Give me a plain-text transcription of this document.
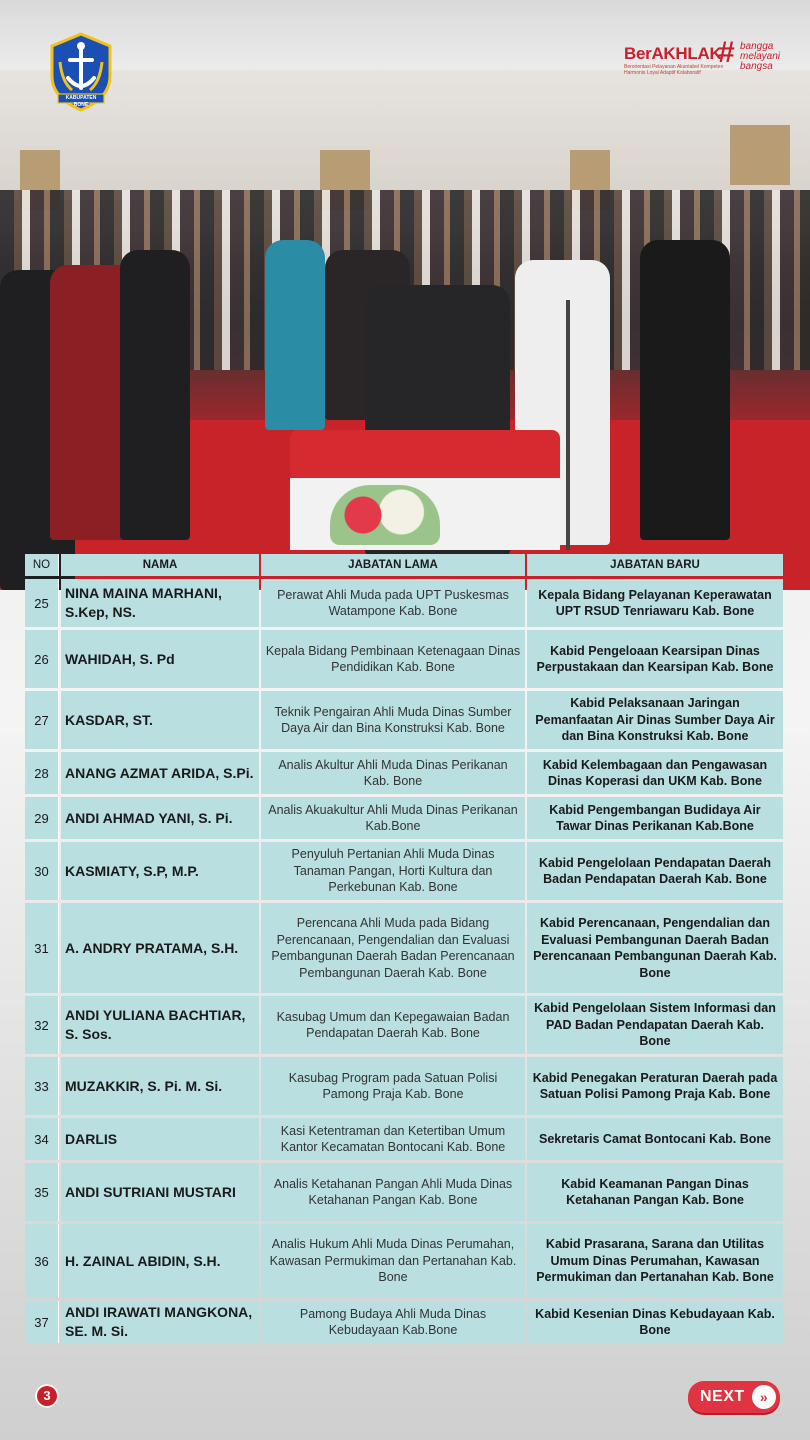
KABUPATEN BONE
BerAKHLAK
Berorientasi Pelayanan Akuntabel Kompeten Harmonis Loyal Adaptif Kolaboratif
# bangga
melayani
bangsa
NO	NAMA	JABATAN LAMA	JABATAN BARU
25	NINA MAINA MARHANI, S.Kep, NS.	Perawat Ahli Muda pada UPT Puskesmas Watampone Kab. Bone	Kepala Bidang Pelayanan Keperawatan UPT RSUD Tenriawaru Kab. Bone
26	WAHIDAH, S. Pd	Kepala Bidang Pembinaan Ketenagaan Dinas Pendidikan Kab. Bone	Kabid Pengeloaan Kearsipan Dinas Perpustakaan dan Kearsipan Kab. Bone
27	KASDAR, ST.	Teknik Pengairan Ahli Muda Dinas Sumber Daya Air dan Bina Konstruksi Kab. Bone	Kabid Pelaksanaan Jaringan Pemanfaatan Air Dinas Sumber Daya Air dan Bina Konstruksi Kab. Bone
28	ANANG AZMAT ARIDA, S.Pi.	Analis Akultur Ahli Muda Dinas Perikanan Kab. Bone	Kabid Kelembagaan dan Pengawasan Dinas Koperasi dan UKM Kab. Bone
29	ANDI AHMAD YANI, S. Pi.	Analis Akuakultur Ahli Muda Dinas Perikanan Kab.Bone	Kabid Pengembangan Budidaya Air Tawar Dinas Perikanan Kab.Bone
30	KASMIATY, S.P, M.P.	Penyuluh Pertanian Ahli Muda Dinas Tanaman Pangan, Horti Kultura dan Perkebunan Kab. Bone	Kabid Pengelolaan Pendapatan Daerah Badan Pendapatan Daerah Kab. Bone
31	A. ANDRY PRATAMA, S.H.	Perencana Ahli Muda pada Bidang Perencanaan, Pengendalian dan Evaluasi Pembangunan Daerah Badan Perencanaan Pembangunan Daerah Kab. Bone	Kabid Perencanaan, Pengendalian dan Evaluasi Pembangunan Daerah Badan Perencanaan Pembangunan Daerah Kab. Bone
32	ANDI YULIANA BACHTIAR, S. Sos.	Kasubag Umum dan Kepegawaian Badan Pendapatan Daerah Kab. Bone	Kabid Pengelolaan Sistem Informasi dan PAD Badan Pendapatan Daerah Kab. Bone
33	MUZAKKIR, S. Pi. M. Si.	Kasubag Program pada Satuan Polisi Pamong Praja Kab. Bone	Kabid Penegakan Peraturan Daerah pada Satuan Polisi Pamong Praja Kab. Bone
34	DARLIS	Kasi Ketentraman dan Ketertiban Umum Kantor Kecamatan Bontocani Kab. Bone	Sekretaris Camat Bontocani Kab. Bone
35	ANDI SUTRIANI MUSTARI	Analis Ketahanan Pangan Ahli Muda Dinas Ketahanan Pangan Kab. Bone	Kabid Keamanan Pangan Dinas Ketahanan Pangan Kab. Bone
36	H. ZAINAL ABIDIN, S.H.	Analis Hukum Ahli Muda Dinas Perumahan, Kawasan Permukiman dan Pertanahan Kab. Bone	Kabid Prasarana, Sarana dan Utilitas Umum Dinas Perumahan, Kawasan Permukiman dan Pertanahan Kab. Bone
37	ANDI IRAWATI MANGKONA, SE. M. Si.	Pamong Budaya Ahli Muda Dinas Kebudayaan Kab.Bone	Kabid Kesenian Dinas Kebudayaan Kab. Bone
3	NEXT	»
